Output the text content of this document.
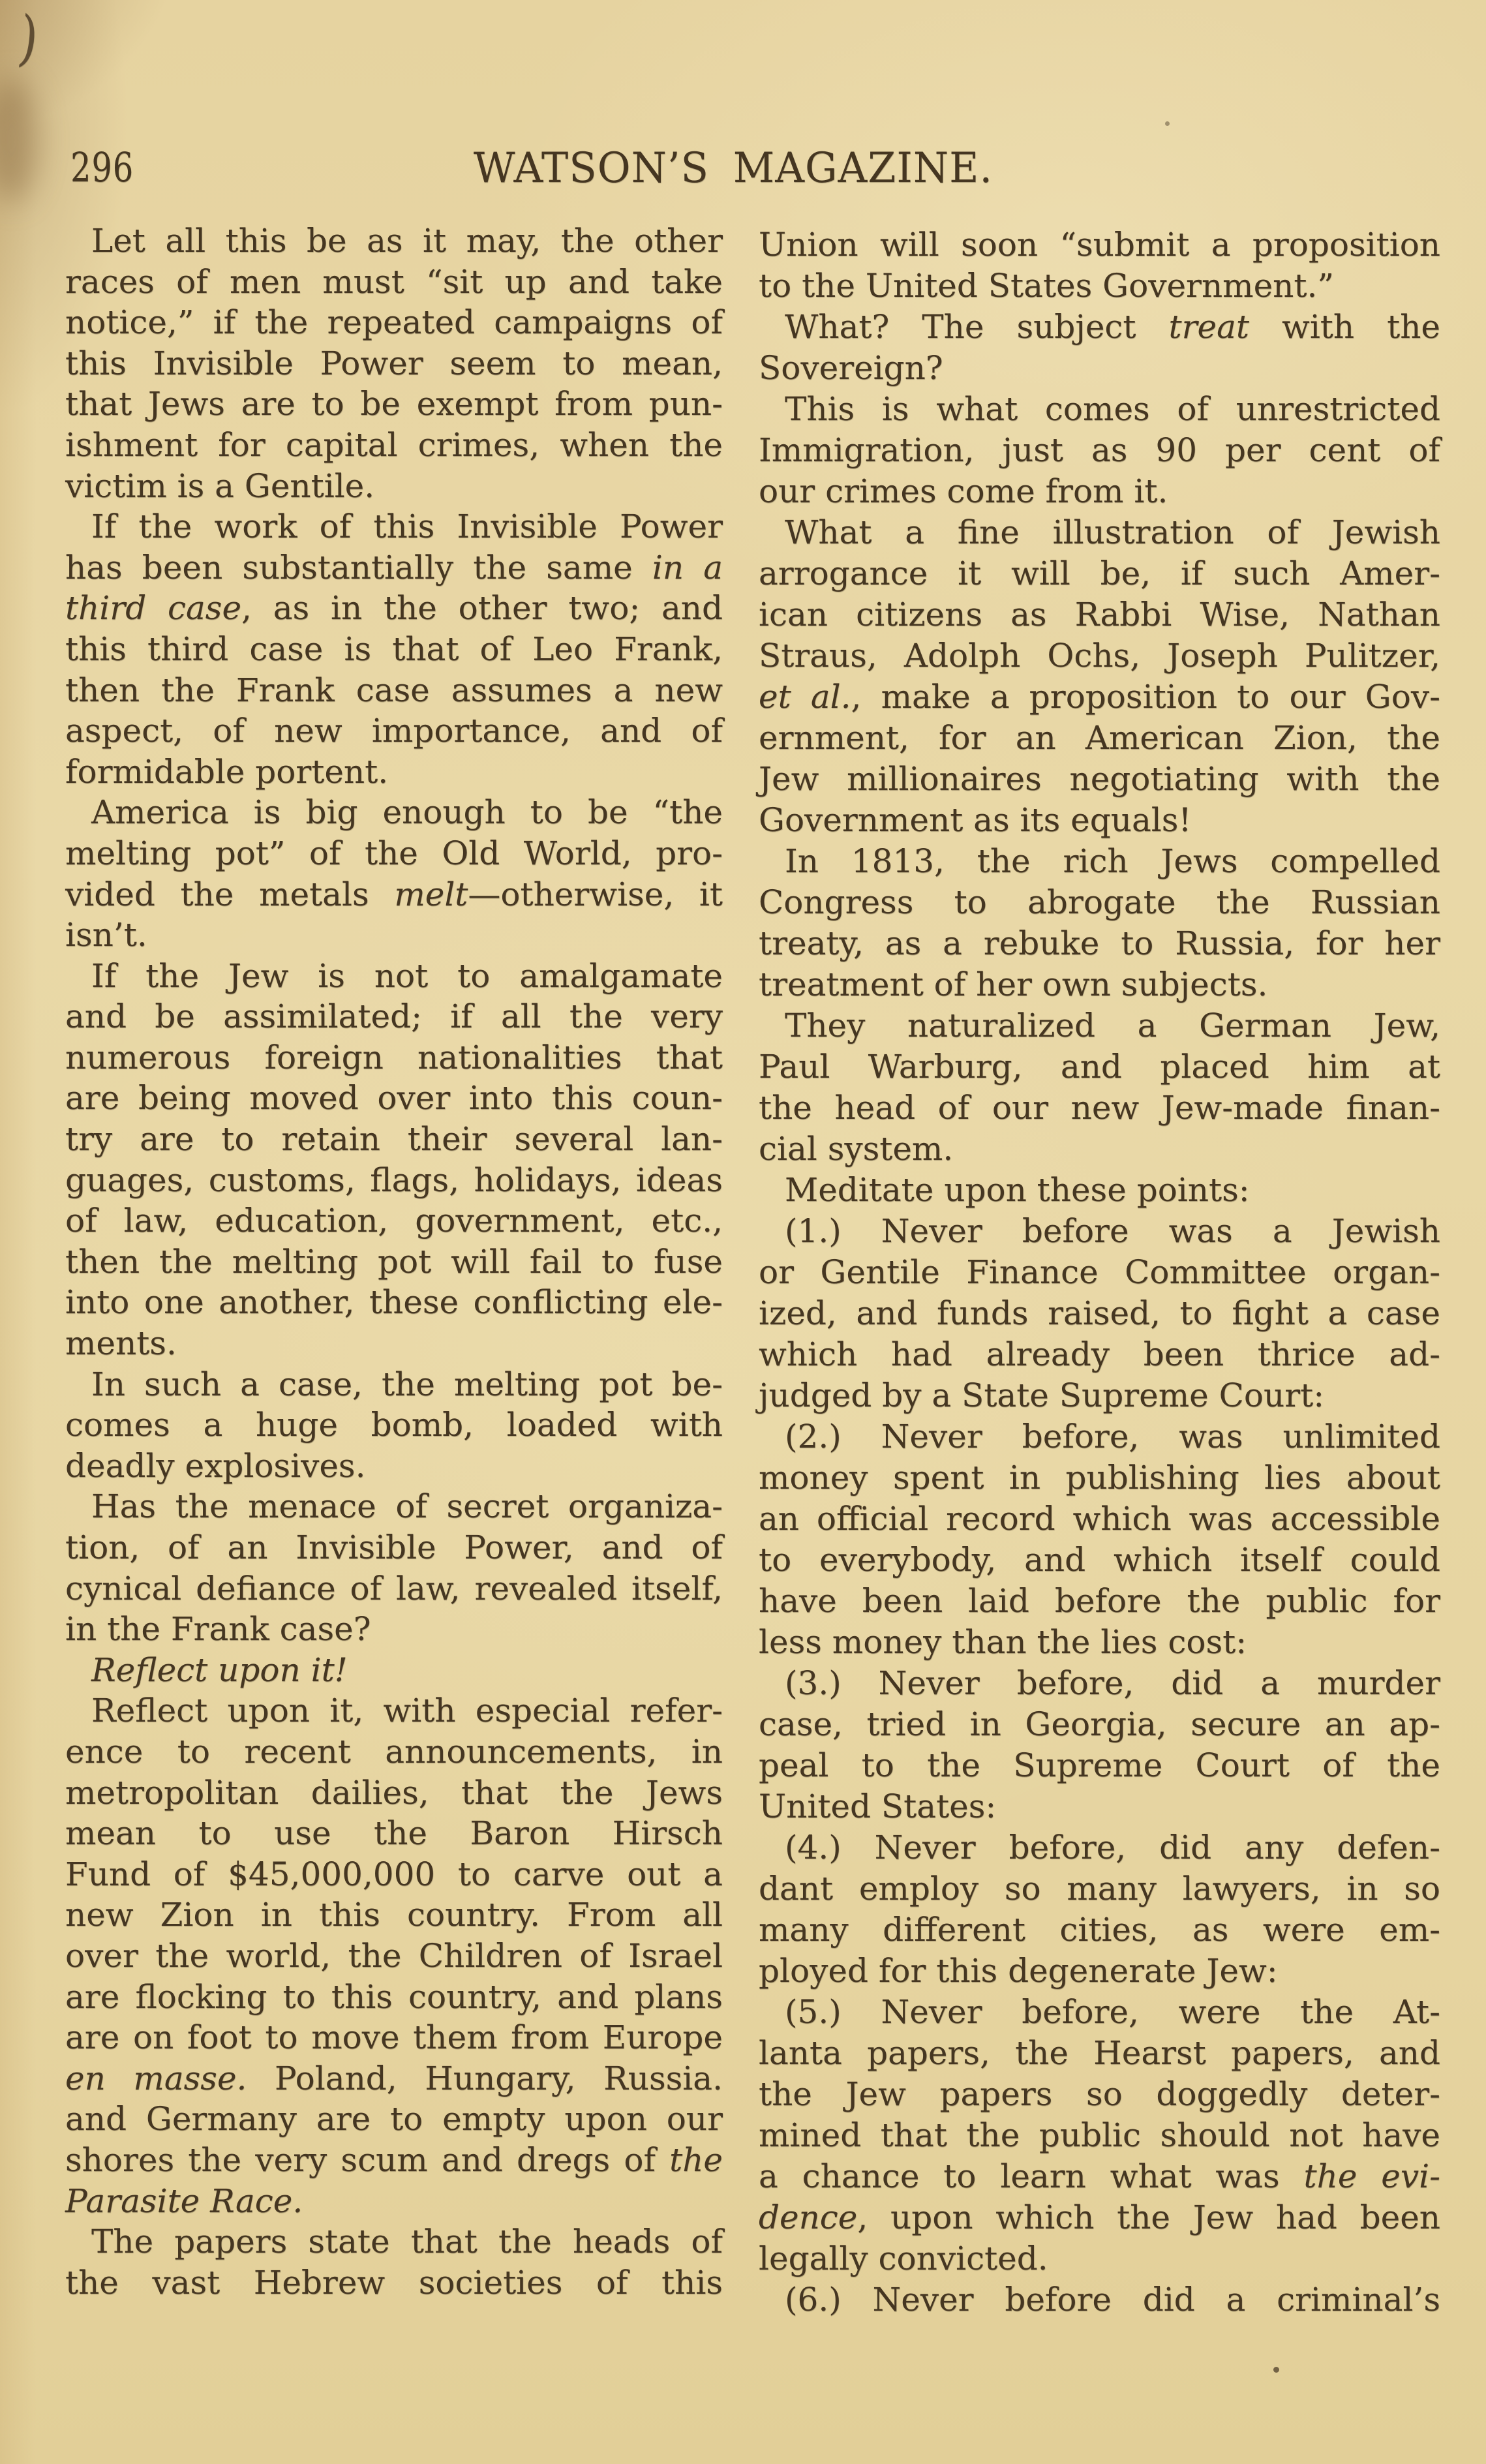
)
296	WATSON’S MAGAZINE.
Let all this be as it may, the other
races of men must “sit up and take
notice,” if the repeated campaigns of
this Invisible Power seem to mean,
that Jews are to be exempt from pun-
ishment for capital crimes, when the
victim is a Gentile.
If the work of this Invisible Power
has been substantially the same in a
third case, as in the other two; and
this third case is that of Leo Frank,
then the Frank case assumes a new
aspect, of new importance, and of
formidable portent.
America is big enough to be “the
melting pot” of the Old World, pro-
vided the metals melt—otherwise, it
isn’t.
If the Jew is not to amalgamate
and be assimilated; if all the very
numerous foreign nationalities that
are being moved over into this coun-
try are to retain their several lan-
guages, customs, flags, holidays, ideas
of law, education, government, etc.,
then the melting pot will fail to fuse
into one another, these conflicting ele-
ments.
In such a case, the melting pot be-
comes a huge bomb, loaded with
deadly explosives.
Has the menace of secret organiza-
tion, of an Invisible Power, and of
cynical defiance of law, revealed itself,
in the Frank case?
Reflect upon it!
Reflect upon it, with especial refer-
ence to recent announcements, in
metropolitan dailies, that the Jews
mean to use the Baron Hirsch
Fund of $45,000,000 to carve out a
new Zion in this country. From all
over the world, the Children of Israel
are flocking to this country, and plans
are on foot to move them from Europe
en masse. Poland, Hungary, Russia.
and Germany are to empty upon our
shores the very scum and dregs of the
Parasite Race.
The papers state that the heads of
the vast Hebrew societies of this
Union will soon “submit a proposition
to the United States Government.”
What? The subject treat with the
Sovereign?
This is what comes of unrestricted
Immigration, just as 90 per cent of
our crimes come from it.
What a fine illustration of Jewish
arrogance it will be, if such Amer-
ican citizens as Rabbi Wise, Nathan
Straus, Adolph Ochs, Joseph Pulitzer,
et al., make a proposition to our Gov-
ernment, for an American Zion, the
Jew millionaires negotiating with the
Government as its equals!
In 1813, the rich Jews compelled
Congress to abrogate the Russian
treaty, as a rebuke to Russia, for her
treatment of her own subjects.
They naturalized a German Jew,
Paul Warburg, and placed him at
the head of our new Jew-made finan-
cial system.
Meditate upon these points:
(1.) Never before was a Jewish
or Gentile Finance Committee organ-
ized, and funds raised, to fight a case
which had already been thrice ad-
judged by a State Supreme Court:
(2.) Never before, was unlimited
money spent in publishing lies about
an official record which was accessible
to everybody, and which itself could
have been laid before the public for
less money than the lies cost:
(3.) Never before, did a murder
case, tried in Georgia, secure an ap-
peal to the Supreme Court of the
United States:
(4.) Never before, did any defen-
dant employ so many lawyers, in so
many different cities, as were em-
ployed for this degenerate Jew:
(5.) Never before, were the At-
lanta papers, the Hearst papers, and
the Jew papers so doggedly deter-
mined that the public should not have
a chance to learn what was the evi-
dence, upon which the Jew had been
legally convicted.
(6.) Never before did a criminal’s
